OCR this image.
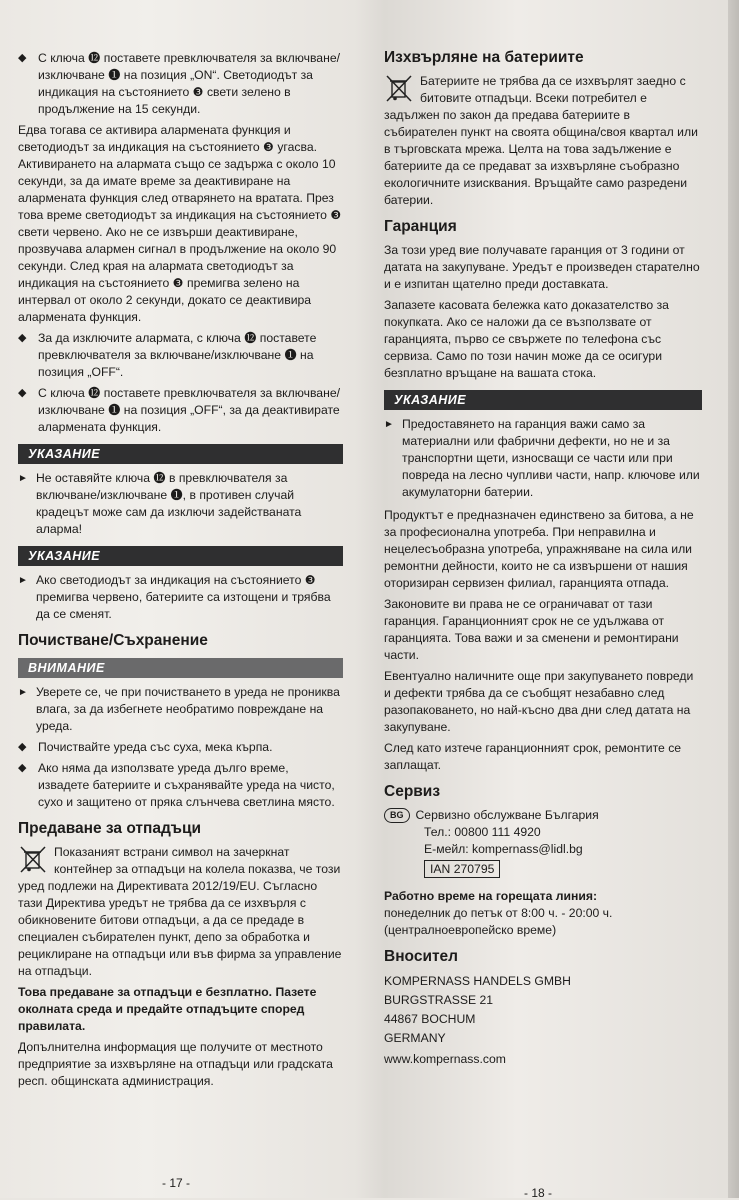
◆ С ключа ⓬ поставете превключвателя за включване/изключване ❶ на позиция „ON“. Светодиодът за индикация на състоянието ❸ свети зелено в продължение на 15 секунди.

Едва тогава се активира алармената функция и светодиодът за индикация на състоянието ❸ угасва. Активирането на алармата също се задържа с около 10 секунди, за да имате време за деактивиране на алармената функция след отварянето на вратата. През това време светодиодът за индикация на състоянието ❸ свети червено. Ако не се извърши деактивиране, прозвучава алармен сигнал в продължение на около 90 секунди. След края на алармата светодиодът за индикация на състоянието ❸ премигва зелено на интервал от около 2 секунди, докато се деактивира алармената функция.

◆ За да изключите алармата, с ключа ⓬ поставете превключвателя за включване/изключване ❶ на позиция „OFF“.
◆ С ключа ⓬ поставете превключвателя за включване/изключване ❶ на позиция „OFF“, за да деактивирате алармената функция.
УКАЗАНИЕ
► Не оставяйте ключа ⓬ в превключвателя за включване/изключване ❶, в противен случай крадецът може сам да изключи задействаната аларма!
УКАЗАНИЕ
► Ако светодиодът за индикация на състоянието ❸ премигва червено, батериите са изтощени и трябва да се сменят.
Почистване/Съхранение
ВНИМАНИЕ
► Уверете се, че при почистването в уреда не прониква влага, за да избегнете необратимо повреждане на уреда.
◆ Почиствайте уреда със суха, мека кърпа.
◆ Ако няма да използвате уреда дълго време, извадете батериите и съхранявайте уреда на чисто, сухо и защитено от пряка слънчева светлина място.
Предаване за отпадъци

Показаният встрани символ на зачеркнат контейнер за отпадъци на колела показва, че този уред подлежи на Директивата 2012/19/EU. Съгласно тази Директива уредът не трябва да се изхвърля с обикновените битови отпадъци, а да се предаде в специален събирателен пункт, депо за обработка и рециклиране на отпадъци или във фирма за управление на отпадъци.

Това предаване за отпадъци е безплатно. Пазете околната среда и предайте отпадъците според правилата.

Допълнителна информация ще получите от местното предприятие за изхвърляне на отпадъци или градската респ. общинската администрация.

- 17 -
Изхвърляне на батериите

Батериите не трябва да се изхвърлят заедно с битовите отпадъци. Всеки потребител е задължен по закон да предава батериите в събирателен пункт на своята община/своя квартал или в търговската мрежа. Целта на това задължение е батериите да се предават за изхвърляне съобразно екологичните изисквания. Връщайте само разредени батерии.

Гаранция

За този уред вие получавате гаранция от 3 години от датата на закупуване. Уредът е произведен старателно и е изпитан щателно преди доставката.

Запазете касовата бележка като доказателство за покупката. Ако се наложи да се възползвате от гаранцията, първо се свържете по телефона със сервиза. Само по този начин може да се осигури безплатно връщане на вашата стока.

УКАЗАНИЕ
► Предоставянето на гаранция важи само за материални или фабрични дефекти, но не и за транспортни щети, износващи се части или при повреда на лесно чупливи части, напр. ключове или акумулаторни батерии.

Продуктът е предназначен единствено за битова, а не за професионална употреба. При неправилна и нецелесъобразна употреба, упражняване на сила или ремонтни дейности, които не са извършени от нашия оторизиран сервизен филиал, гаранцията отпада.

Законовите ви права не се ограничават от тази гаранция. Гаранционният срок не се удължава от гаранцията. Това важи и за сменени и ремонтирани части.

Евентуално наличните още при закупуването повреди и дефекти трябва да се съобщят незабавно след разопаковането, но най-късно два дни след датата на закупуване.

След като изтече гаранционният срок, ремонтите се заплащат.

Сервиз

BG Сервизно обслужване България

Тел.: 00800 111 4920

E-мейл: kompernass@lidl.bg

IAN 270795

Работно време на горещата линия:

понеделник до петък от 8:00 ч. - 20:00 ч. (централноевропейско време)

Вносител

KOMPERNASS HANDELS GMBH

BURGSTRASSE 21

44867 BOCHUM

GERMANY

www.kompernass.com

- 18 -
